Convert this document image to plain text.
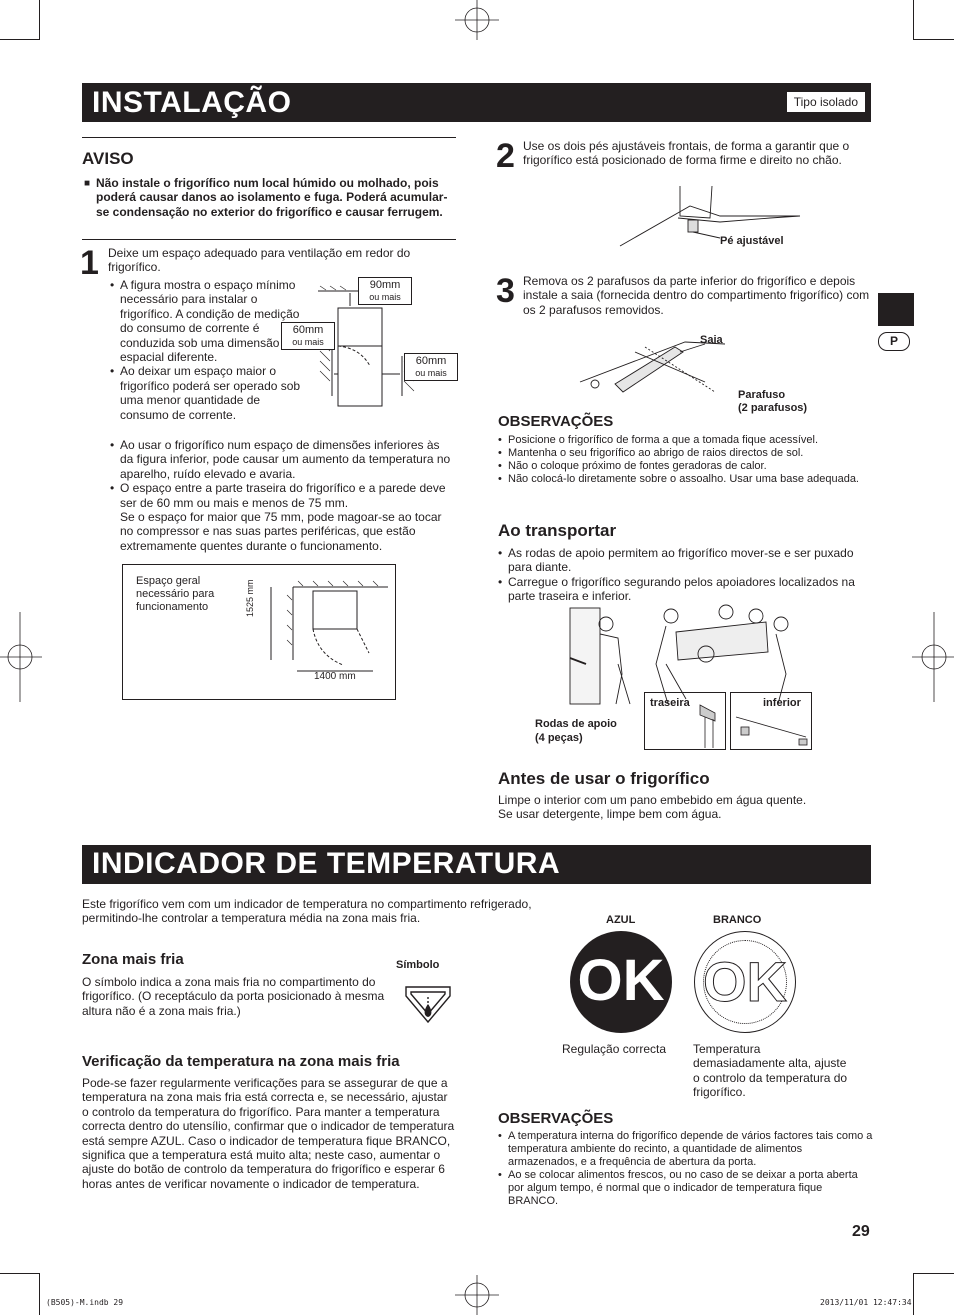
INSTALAÇÃO	Tipo isolado
P
AVISO
■ Não instale o frigorífico num local húmido ou molhado, pois poderá causar danos ao isolamento e fuga. Poderá acumular-se condensação no exterior do frigorífico e causar ferrugem.
1 Deixe um espaço adequado para ventilação em redor do frigorífico.
• A figura mostra o espaço mínimo necessário para instalar o frigorífico. A condição de medição do consumo de corrente é conduzida sob uma dimensão espacial diferente.
• Ao deixar um espaço maior o frigorífico poderá ser operado sob uma menor quantidade de consumo de corrente.
• Ao usar o frigorífico num espaço de dimensões inferiores às da figura inferior, pode causar um aumento da temperatura no aparelho, ruído elevado e avaria.
• O espaço entre a parte traseira do frigorífico e a parede deve ser de 60 mm ou mais e menos de 75 mm.
Se o espaço for maior que 75 mm, pode magoar-se ao tocar no compressor e nas suas partes periféricas, que estão extremamente quentes durante o funcionamento.
90mm
ou mais
60mm
ou mais
60mm
ou mais
Espaço geral necessário para funcionamento	1525 mm
1400 mm
2 Use os dois pés ajustáveis frontais, de forma a garantir que o frigorífico está posicionado de forma firme e direito no chão.
Pé ajustável
3 Remova os 2 parafusos da parte inferior do frigorífico e depois instale a saia (fornecida dentro do compartimento frigorífico) com os 2 parafusos removidos.
Saia
Parafuso
(2 parafusos)
OBSERVAÇÕES
• Posicione o frigorífico de forma a que a tomada fique acessível.
• Mantenha o seu frigorífico ao abrigo de raios directos de sol.
• Não o coloque próximo de fontes geradoras de calor.
• Não colocá-lo diretamente sobre o assoalho. Usar uma base adequada.
Ao transportar
• As rodas de apoio permitem ao frigorífico mover-se e ser puxado para diante.
• Carregue o frigorífico segurando pelos apoiadores localizados na parte traseira e inferior.
Rodas de apoio
(4 peças)
traseira	inferior
Antes de usar o frigorífico
Limpe o interior com um pano embebido em água quente.
Se usar detergente, limpe bem com água.
INDICADOR DE TEMPERATURA
Este frigorífico vem com um indicador de temperatura no compartimento refrigerado, permitindo-lhe controlar a temperatura média na zona mais fria.
Zona mais fria
O símbolo indica a zona mais fria no compartimento do frigorífico. (O receptáculo da porta posicionado à mesma altura não é a zona mais fria.)
Símbolo
Verificação da temperatura na zona mais fria
Pode-se fazer regularmente verificações para se assegurar de que a temperatura na zona mais fria está correcta e, se necessário, ajustar o controlo da temperatura do frigorífico. Para manter a temperatura correcta dentro do utensílio, confirmar que o indicador de temperatura está sempre AZUL. Caso o indicador de temperatura fique BRANCO, significa que a temperatura está muito alta; neste caso, aumentar o ajuste do botão de controlo da temperatura do frigorífico e esperar 6 horas antes de verificar novamente o indicador de temperatura.
AZUL	BRANCO
OK OK
Regulação correcta Temperatura demasiadamente alta, ajuste o controlo da temperatura do frigorífico.
OBSERVAÇÕES
• A temperatura interna do frigorífico depende de vários factores tais como a temperatura ambiente do recinto, a quantidade de alimentos armazenados, e a frequência de abertura da porta.
• Ao se colocar alimentos frescos, ou no caso de se deixar a porta aberta por algum tempo, é normal que o indicador de temperatura fique BRANCO.
29
(B505)-M.indb 29	2013/11/01 12:47:34
